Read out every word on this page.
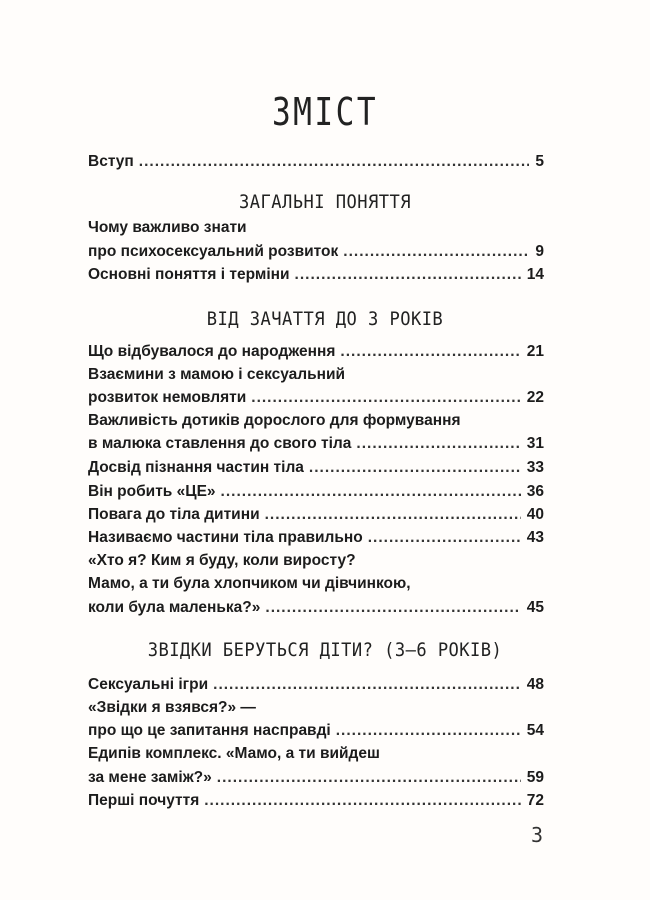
ЗМІСТ
Вступ .....	5
ЗАГАЛЬНІ ПОНЯТТЯ
Чому важливо знати
про психосексуальний розвиток .....	9
Основні поняття і терміни .....	14
ВІД ЗАЧАТТЯ ДО 3 РОКІВ
Що відбувалося до народження .....	21
Взаємини з мамою і сексуальний
розвиток немовляти .....	22
Важливість дотиків дорослого для формування
в малюка ставлення до свого тіла .....	31
Досвід пізнання частин тіла .....	33
Він робить «ЦЕ» .....	36
Повага до тіла дитини .....	40
Називаємо частини тіла правильно .....	43
«Хто я? Ким я буду, коли виросту?
Мамо, а ти була хлопчиком чи дівчинкою,
коли була маленька?» .....	45
ЗВІДКИ БЕРУТЬСЯ ДІТИ? (3—6 РОКІВ)
Сексуальні ігри .....	48
«Звідки я взявся?» —
про що це запитання насправді .....	54
Едипів комплекс. «Мамо, а ти вийдеш
за мене заміж?» .....	59
Перші почуття .....	72
3
